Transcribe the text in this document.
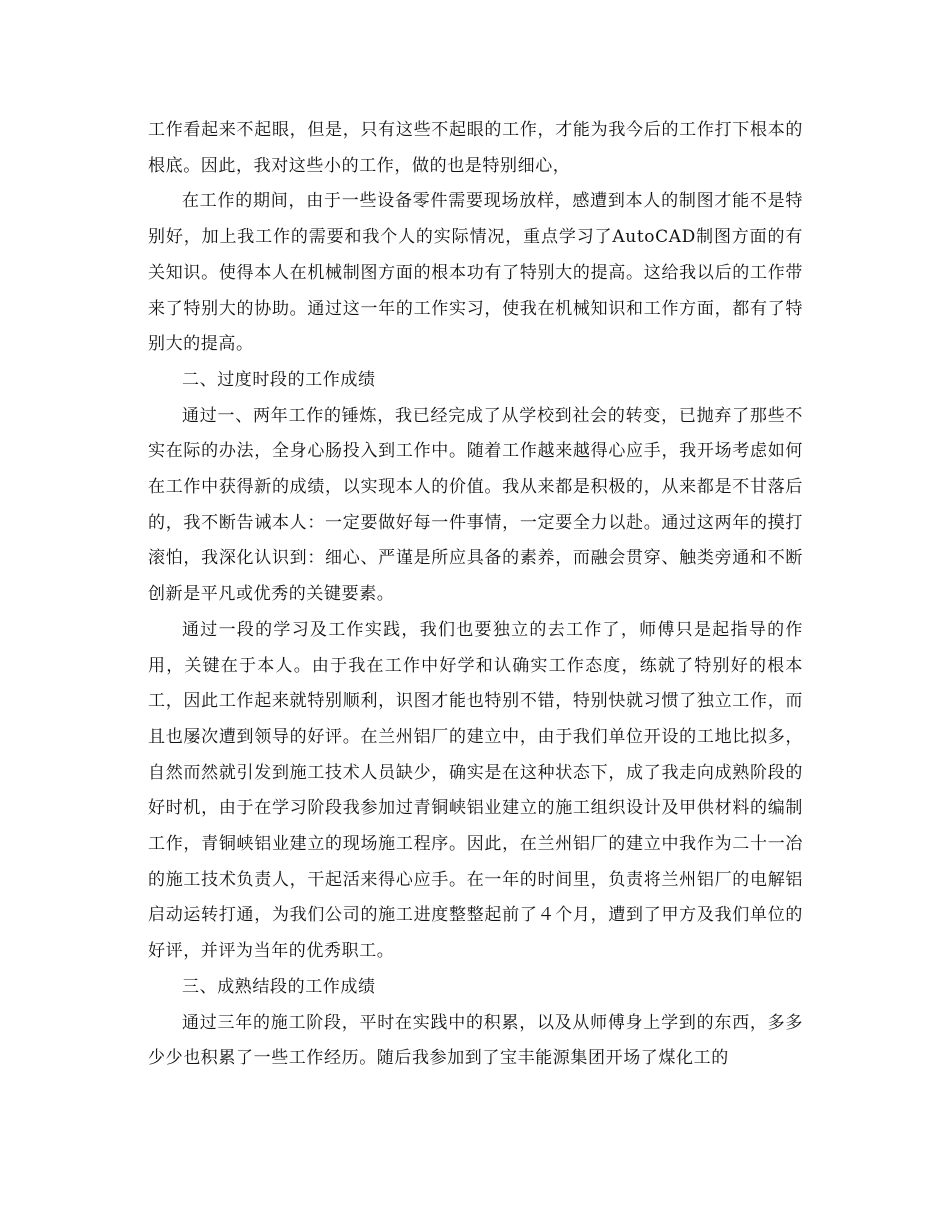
工作看起来不起眼，但是，只有这些不起眼的工作，才能为我今后的工作打下根本的根底。因此，我对这些小的工作，做的也是特别细心，

在工作的期间，由于一些设备零件需要现场放样，感遭到本人的制图才能不是特别好，加上我工作的需要和我个人的实际情况，重点学习了AutoCAD制图方面的有关知识。使得本人在机械制图方面的根本功有了特别大的提高。这给我以后的工作带来了特别大的协助。通过这一年的工作实习，使我在机械知识和工作方面，都有了特别大的提高。

二、过度时段的工作成绩

通过一、两年工作的锤炼，我已经完成了从学校到社会的转变，已抛弃了那些不实在际的办法，全身心肠投入到工作中。随着工作越来越得心应手，我开场考虑如何在工作中获得新的成绩，以实现本人的价值。我从来都是积极的，从来都是不甘落后的，我不断告诫本人：一定要做好每一件事情，一定要全力以赴。通过这两年的摸打滚怕，我深化认识到：细心、严谨是所应具备的素养，而融会贯穿、触类旁通和不断创新是平凡或优秀的关键要素。

通过一段的学习及工作实践，我们也要独立的去工作了，师傅只是起指导的作用，关键在于本人。由于我在工作中好学和认确实工作态度，练就了特别好的根本工，因此工作起来就特别顺利，识图才能也特别不错，特别快就习惯了独立工作，而且也屡次遭到领导的好评。在兰州铝厂的建立中，由于我们单位开设的工地比拟多，自然而然就引发到施工技术人员缺少，确实是在这种状态下，成了我走向成熟阶段的好时机，由于在学习阶段我参加过青铜峡铝业建立的施工组织设计及甲供材料的编制工作，青铜峡铝业建立的现场施工程序。因此，在兰州铝厂的建立中我作为二十一冶的施工技术负责人，干起活来得心应手。在一年的时间里，负责将兰州铝厂的电解铝启动运转打通，为我们公司的施工进度整整起前了４个月，遭到了甲方及我们单位的好评，并评为当年的优秀职工。

三、成熟结段的工作成绩

通过三年的施工阶段，平时在实践中的积累，以及从师傅身上学到的东西，多多少少也积累了一些工作经历。随后我参加到了宝丰能源集团开场了煤化工的
